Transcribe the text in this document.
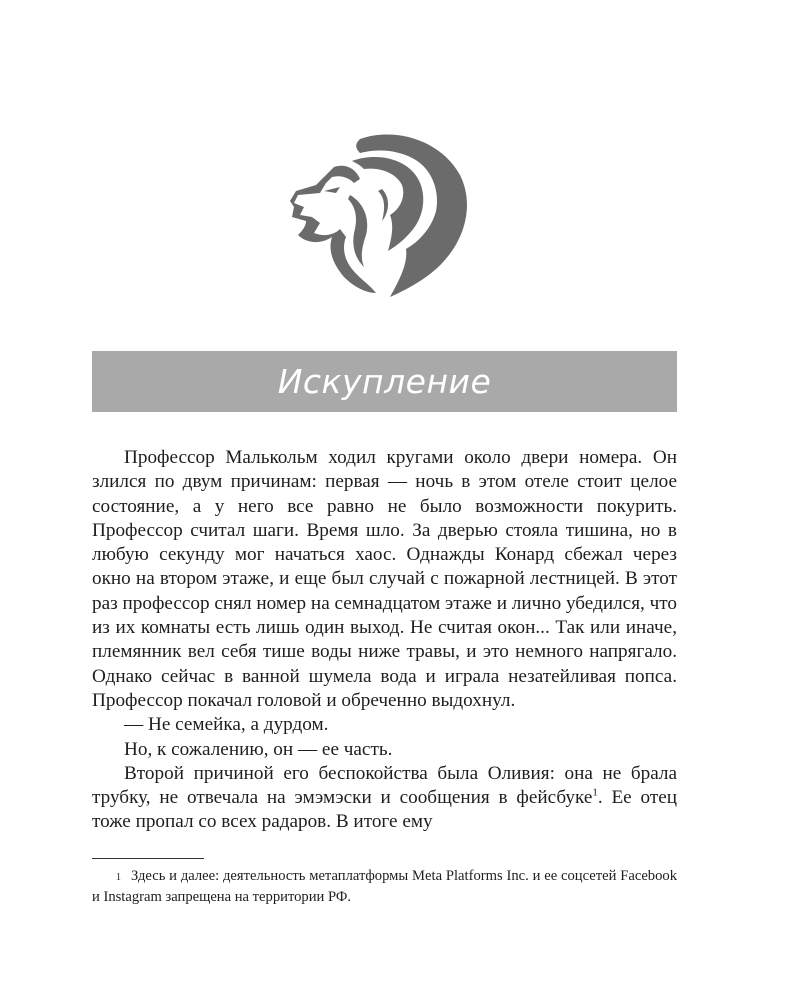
Искупление

Профессор Малькольм ходил кругами около двери номера. Он злился по двум причинам: первая — ночь в этом отеле стоит целое состояние, а у него все равно не было возможности покурить. Профессор считал шаги. Время шло. За дверью стояла тишина, но в любую секунду мог начаться хаос. Однажды Конард сбежал через окно на втором этаже, и еще был случай с пожарной лестницей. В этот раз профессор снял номер на семнадцатом этаже и лично убедился, что из их комнаты есть лишь один выход. Не считая окон... Так или иначе, племянник вел себя тише воды ниже травы, и это немного напрягало. Однако сейчас в ванной шумела вода и играла незатейливая попса. Профессор покачал головой и обреченно выдохнул.

— Не семейка, а дурдом.

Но, к сожалению, он — ее часть.

Второй причиной его беспокойства была Оливия: она не брала трубку, не отвечала на эмэмэски и сообщения в фейсбуке$^1$. Ее отец тоже пропал со всех радаров. В итоге ему

1 Здесь и далее: деятельность метаплатформы Meta Platforms Inc. и ее соцсетей Facebook и Instagram запрещена на территории РФ.
